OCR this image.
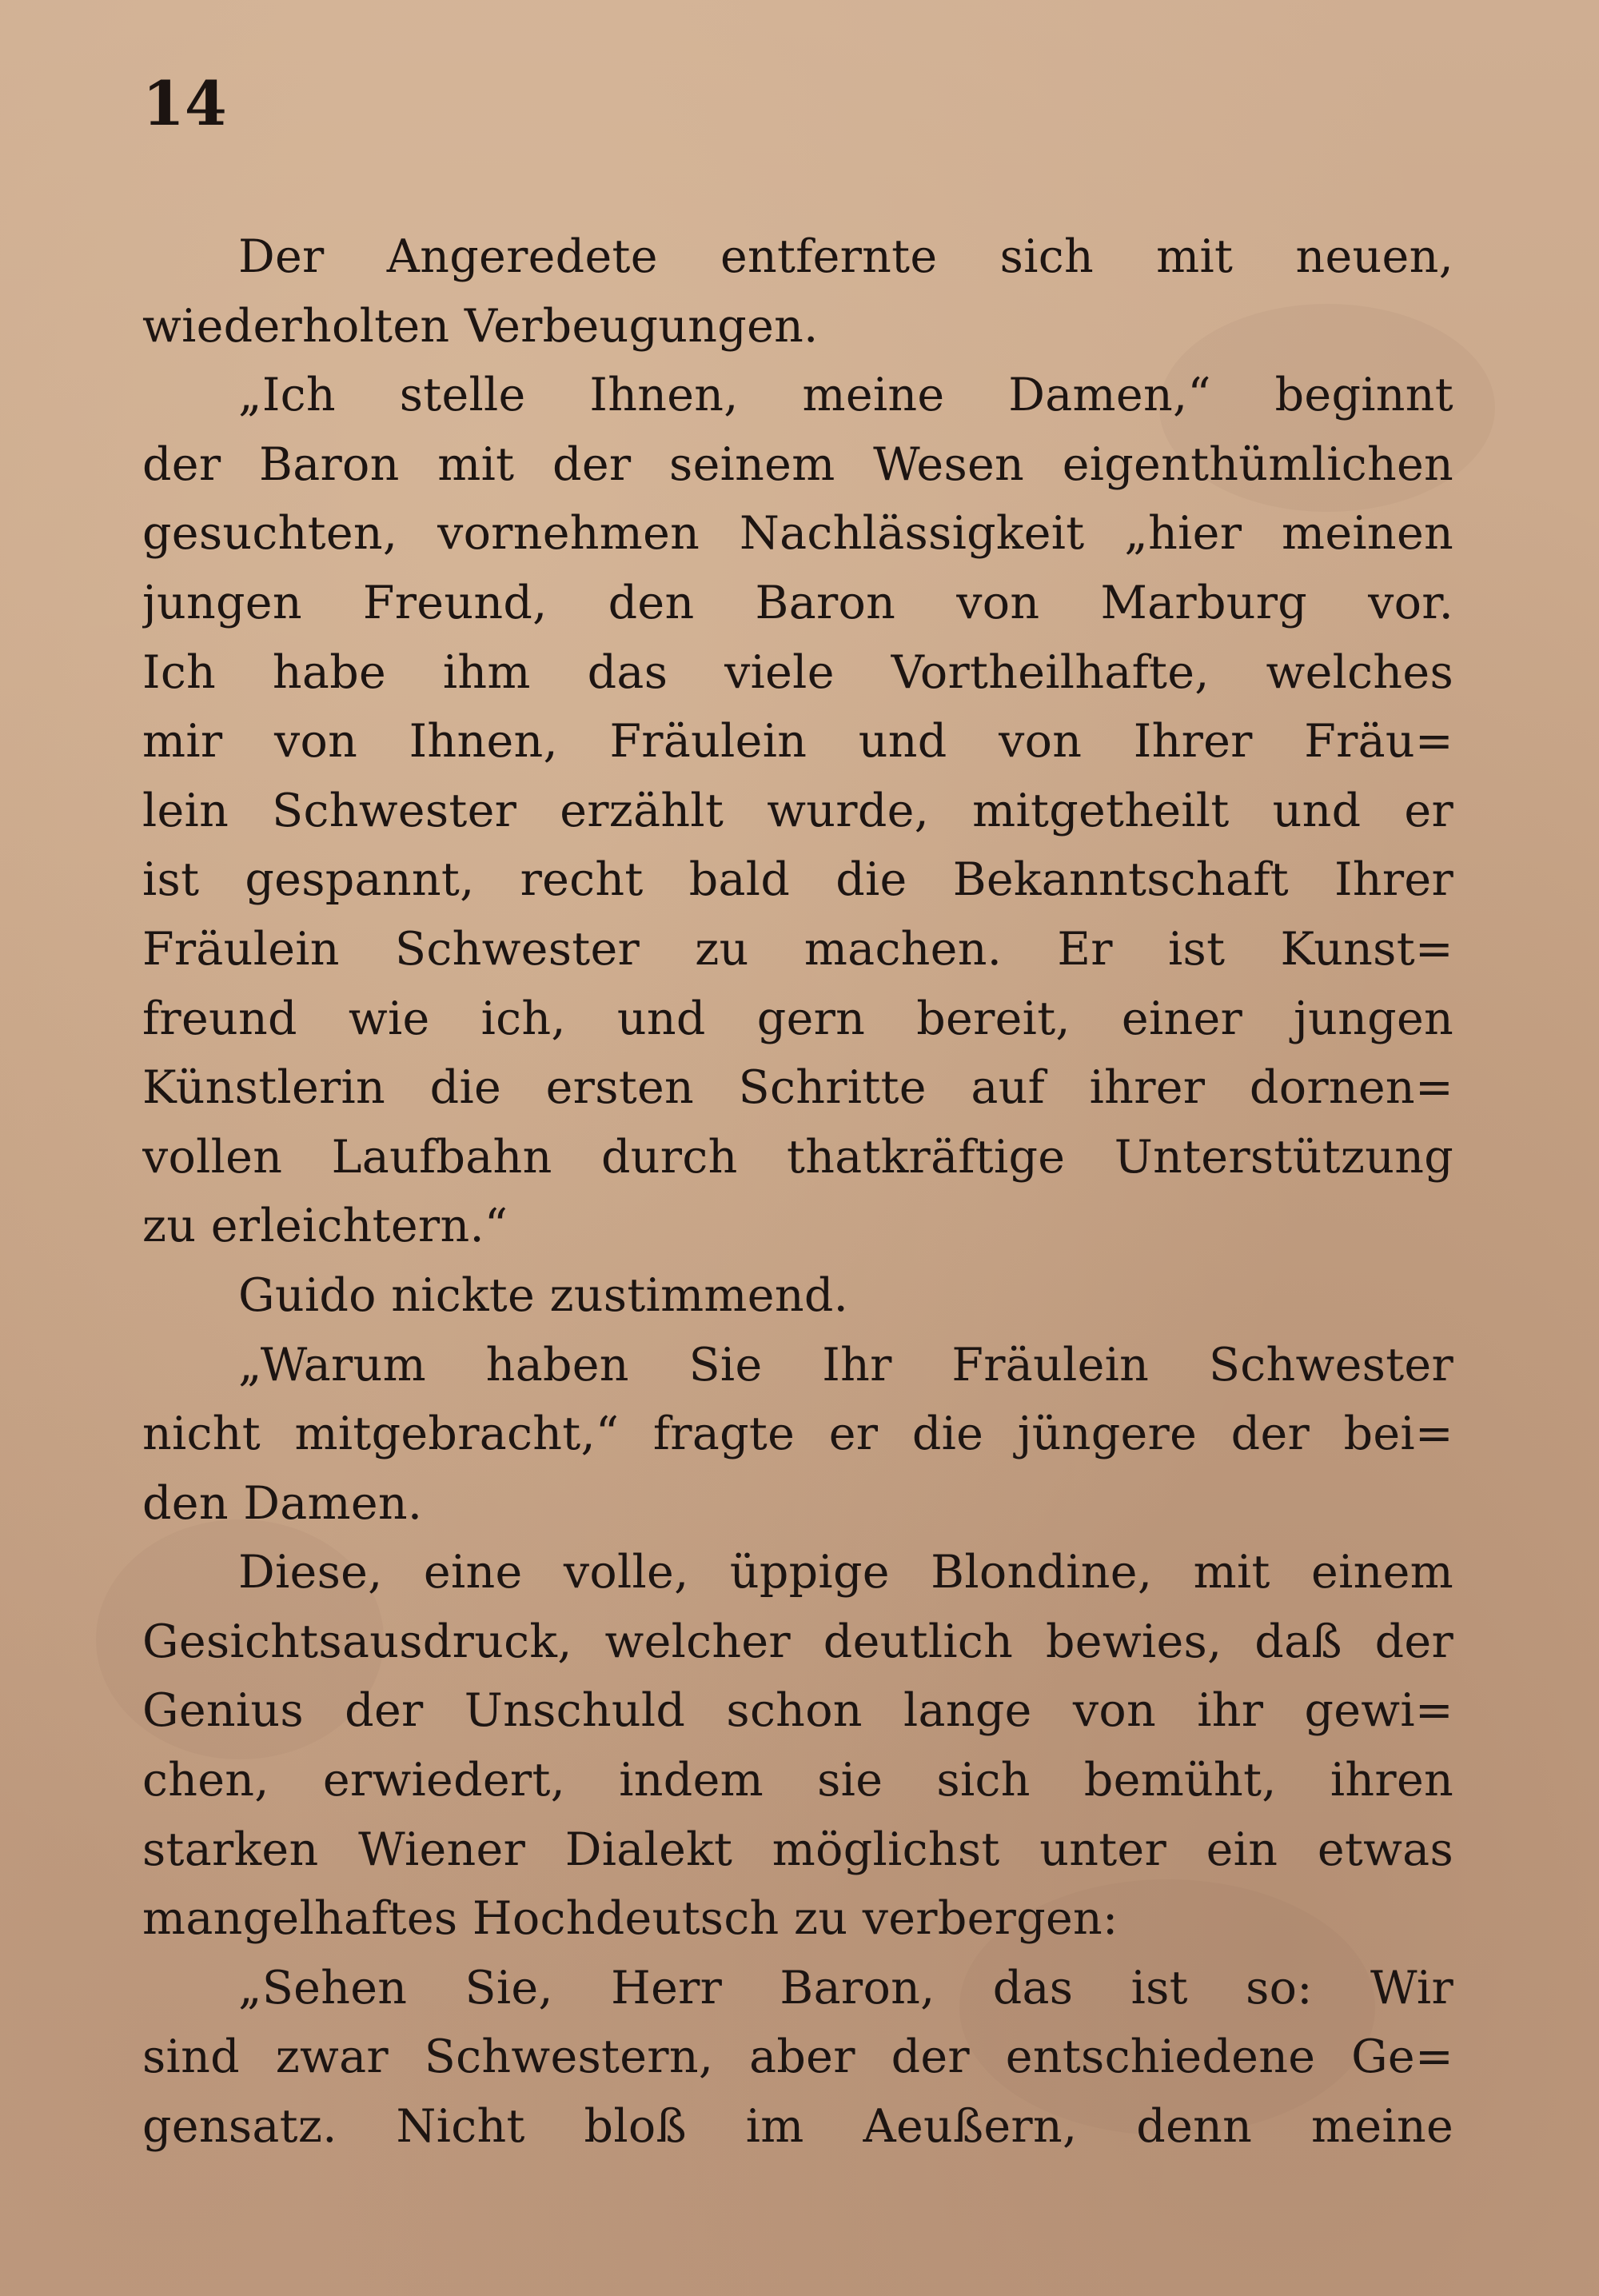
14
Der Angeredete entfernte sich mit neuen,
wiederholten Verbeugungen.
„Ich stelle Ihnen, meine Damen,“ beginnt
der Baron mit der seinem Wesen eigenthümlichen
gesuchten, vornehmen Nachlässigkeit „hier meinen
jungen Freund, den Baron von Marburg vor.
Ich habe ihm das viele Vortheilhafte, welches
mir von Ihnen, Fräulein und von Ihrer Fräu=
lein Schwester erzählt wurde, mitgetheilt und er
ist gespannt, recht bald die Bekanntschaft Ihrer
Fräulein Schwester zu machen. Er ist Kunst=
freund wie ich, und gern bereit, einer jungen
Künstlerin die ersten Schritte auf ihrer dornen=
vollen Laufbahn durch thatkräftige Unterstützung
zu erleichtern.“
Guido nickte zustimmend.
„Warum haben Sie Ihr Fräulein Schwester
nicht mitgebracht,“ fragte er die jüngere der bei=
den Damen.
Diese, eine volle, üppige Blondine, mit einem
Gesichtsausdruck, welcher deutlich bewies, daß der
Genius der Unschuld schon lange von ihr gewi=
chen, erwiedert, indem sie sich bemüht, ihren
starken Wiener Dialekt möglichst unter ein etwas
mangelhaftes Hochdeutsch zu verbergen:
„Sehen Sie, Herr Baron, das ist so: Wir
sind zwar Schwestern, aber der entschiedene Ge=
gensatz. Nicht bloß im Aeußern, denn meine
